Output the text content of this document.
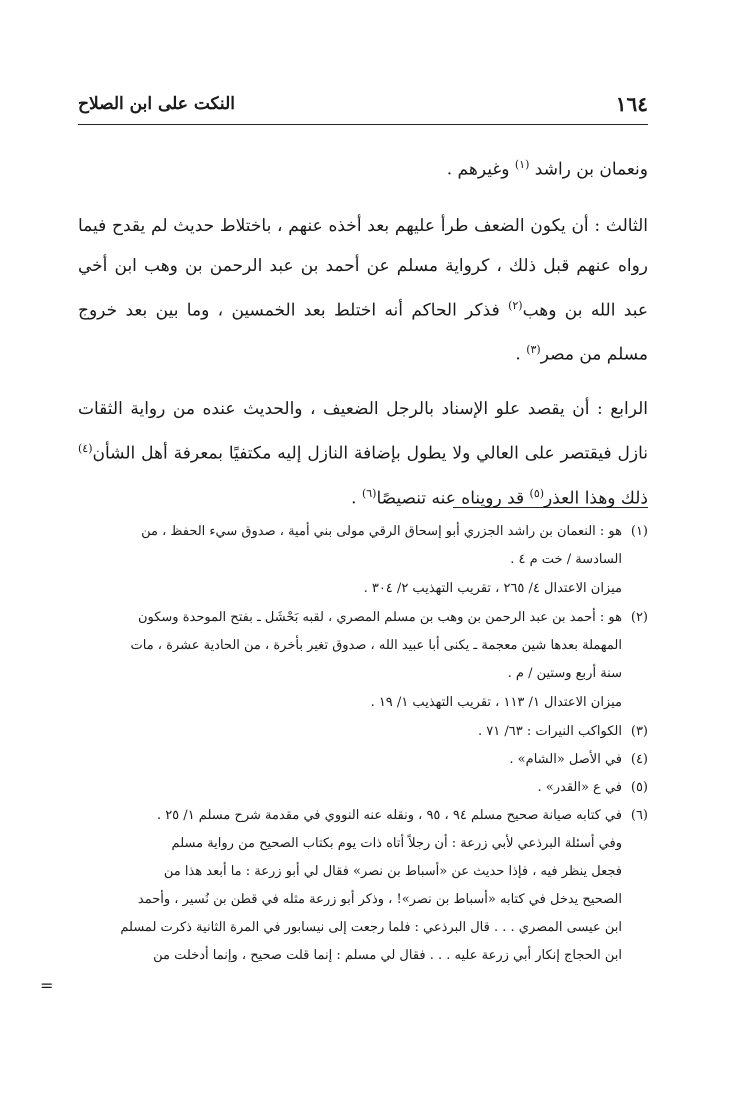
النكت على ابن الصلاح	١٦٤

ونعمان بن راشد $^{(١)}$ وغيرهم .

الثالث : أن يكون الضعف طرأ عليهم بعد أخذه عنهم ، باختلاط حديث لم يقدح فيما رواه عنهم قبل ذلك ، كرواية مسلم عن أحمد بن عبد الرحمن بن وهب ابن أخي عبد الله بن وهب$^{(٢)}$ فذكر الحاكم أنه اختلط بعد الخمسين ، وما بين بعد خروج مسلم من مصر$^{(٣)}$ .

الرابع : أن يقصد علو الإسناد بالرجل الضعيف ، والحديث عنده من رواية الثقات نازل فيقتصر على العالي ولا يطول بإضافة النازل إليه مكتفيًا بمعرفة أهل الشأن$^{(٤)}$ ذلك وهذا العذر$^{(٥)}$ قد رويناه عنه تنصيصًا$^{(٦)}$ .

(١)

هو : النعمان بن راشد الجزري أبو إسحاق الرقي مولى بني أمية ، صدوق سيء الحفظ ، من

السادسة / خت م ٤ .

ميزان الاعتدال ٤/ ٢٦٥ ، تقريب التهذيب ٢/ ٣٠٤ .

(٢)

هو : أحمد بن عبد الرحمن بن وهب بن مسلم المصري ، لقبه بَحْشَل ـ بفتح الموحدة وسكون

المهملة بعدها شين معجمة ـ يكنى أبا عبيد الله ، صدوق تغير بأخرة ، من الحادية عشرة ، مات

سنة أربع وستين / م .

ميزان الاعتدال ١/ ١١٣ ، تقريب التهذيب ١/ ١٩ .

(٣)

الكواكب النيرات : ٦٣/ ٧١ .

(٤)

في الأصل «الشام» .

(٥)

في ع «القدر» .

(٦)

في كتابه صيانة صحيح مسلم ٩٤ ، ٩٥ ، ونقله عنه النووي في مقدمة شرح مسلم ١/ ٢٥ .

وفي أسئلة البرذعي لأبي زرعة : أن رجلاً أتاه ذات يوم بكتاب الصحيح من رواية مسلم

فجعل ينظر فيه ، فإذا حديث عن «أسباط بن نصر» فقال لي أبو زرعة : ما أبعد هذا من

الصحيح يدخل في كتابه «أسباط بن نصر»! ، وذكر أبو زرعة مثله في قطن بن نُسير ، وأحمد

ابن عيسى المصري . . . قال البرذعي : فلما رجعت إلى نيسابور في المرة الثانية ذكرت لمسلم

ابن الحجاج إنكار أبي زرعة عليه . . . فقال لي مسلم : إنما قلت صحيح ، وإنما أدخلت من

=
